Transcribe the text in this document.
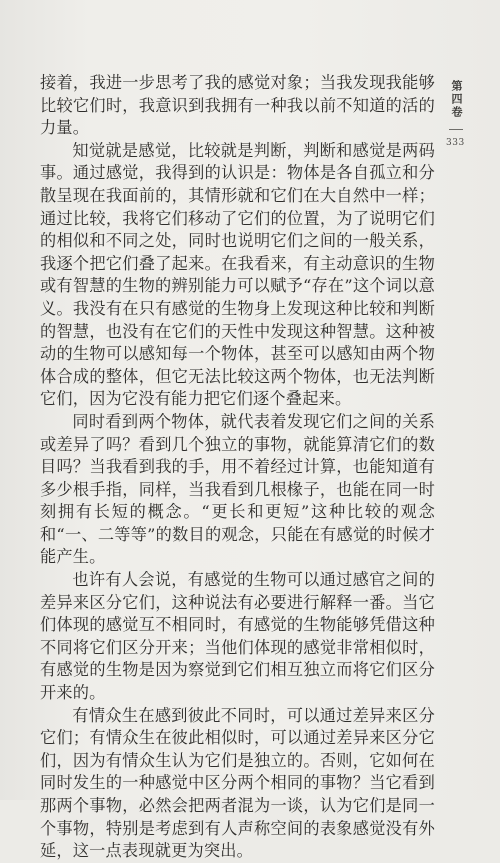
接着，我进一步思考了我的感觉对象；当我发现我能够比较它们时，我意识到我拥有一种我以前不知道的活的力量。

知觉就是感觉，比较就是判断，判断和感觉是两码事。通过感觉，我得到的认识是：物体是各自孤立和分散呈现在我面前的，其情形就和它们在大自然中一样；通过比较，我将它们移动了它们的位置，为了说明它们的相似和不同之处，同时也说明它们之间的一般关系，我逐个把它们叠了起来。在我看来，有主动意识的生物或有智慧的生物的辨别能力可以赋予“存在”这个词以意义。我没有在只有感觉的生物身上发现这种比较和判断的智慧，也没有在它们的天性中发现这种智慧。这种被动的生物可以感知每一个物体，甚至可以感知由两个物体合成的整体，但它无法比较这两个物体，也无法判断它们，因为它没有能力把它们逐个叠起来。

同时看到两个物体，就代表着发现它们之间的关系或差异了吗？看到几个独立的事物，就能算清它们的数目吗？当我看到我的手，用不着经过计算，也能知道有多少根手指，同样，当我看到几根椽子，也能在同一时刻拥有长短的概念。“更长和更短”这种比较的观念和“一、二等等”的数目的观念，只能在有感觉的时候才能产生。

也许有人会说，有感觉的生物可以通过感官之间的差异来区分它们，这种说法有必要进行解释一番。当它们体现的感觉互不相同时，有感觉的生物能够凭借这种不同将它们区分开来；当他们体现的感觉非常相似时，有感觉的生物是因为察觉到它们相互独立而将它们区分开来的。

有情众生在感到彼此不同时，可以通过差异来区分它们；有情众生在彼此相似时，可以通过差异来区分它们，因为有情众生认为它们是独立的。否则，它如何在同时发生的一种感觉中区分两个相同的事物？当它看到那两个事物，必然会把两者混为一谈，认为它们是同一个事物，特别是考虑到有人声称空间的表象感觉没有外延，这一点表现就更为突出。

第四卷
333
